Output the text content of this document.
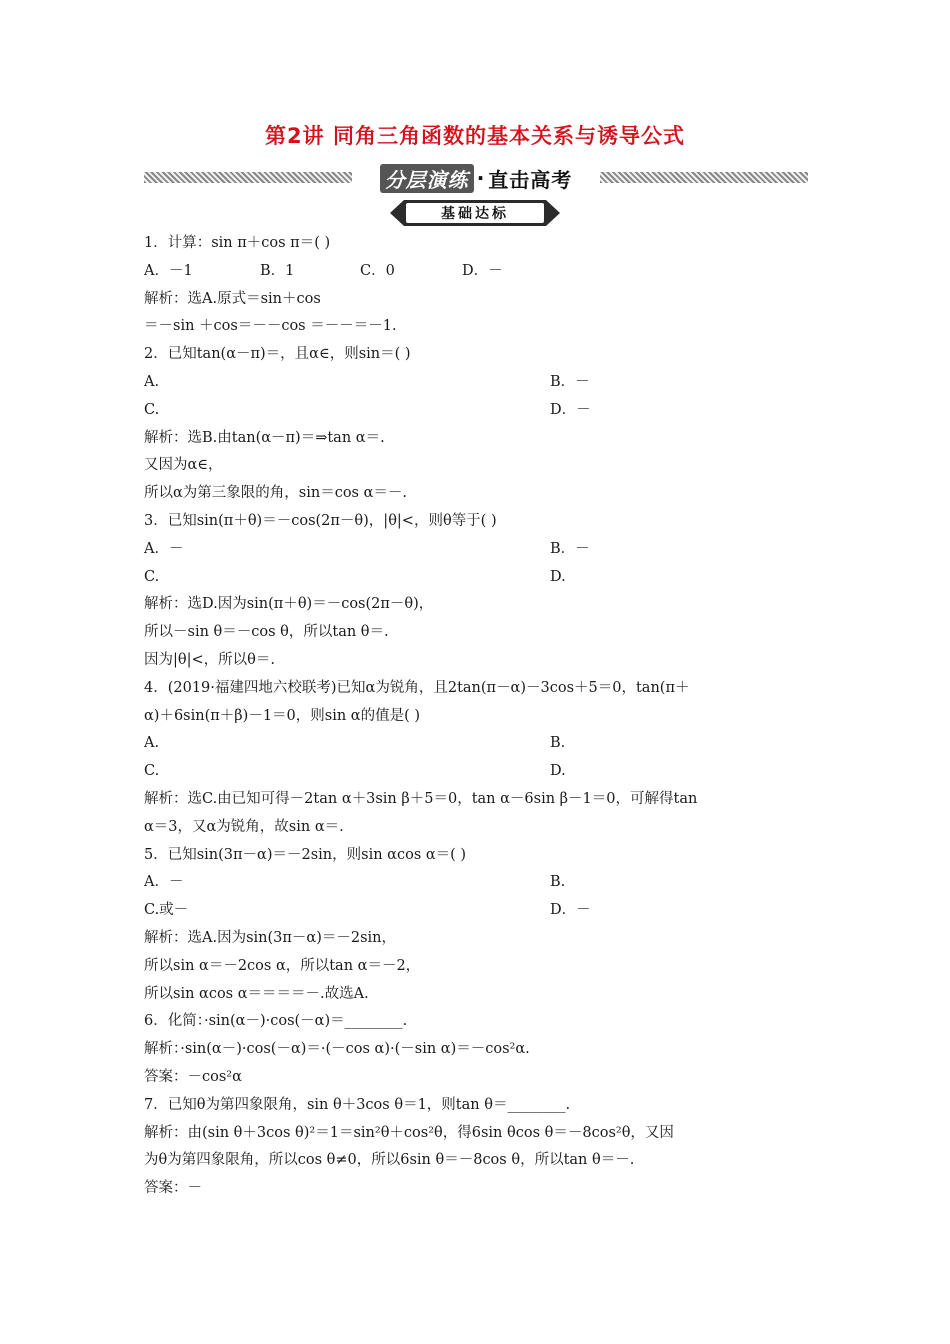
第2讲 同角三角函数的基本关系与诱导公式
分层演练 · 直击高考
基础达标
1．计算：sin π＋cos π＝( )
A．－1	B．1	C．0	D．－
解析：选A.原式＝sin＋cos
＝－sin ＋cos＝－－cos ＝－－＝－1.
2．已知tan(α－π)＝，且α∈，则sin＝( )
A.	B．－
C.	D．－
解析：选B.由tan(α－π)＝⇒tan α＝.
又因为α∈，
所以α为第三象限的角，sin＝cos α＝－.
3．已知sin(π＋θ)＝－cos(2π－θ)，|θ|<，则θ等于( )
A．－	B．－
C.	D.
解析：选D.因为sin(π＋θ)＝－cos(2π－θ)，
所以－sin θ＝－cos θ，所以tan θ＝.
因为|θ|<，所以θ＝.
4．(2019·福建四地六校联考)已知α为锐角，且2tan(π－α)－3cos＋5＝0，tan(π＋
α)＋6sin(π＋β)－1＝0，则sin α的值是( )
A.	B.
C.	D.
解析：选C.由已知可得－2tan α＋3sin β＋5＝0，tan α－6sin β－1＝0，可解得tan
α＝3，又α为锐角，故sin α＝.
5．已知sin(3π－α)＝－2sin，则sin αcos α＝( )
A．－	B.
C.或－	D．－
解析：选A.因为sin(3π－α)＝－2sin，
所以sin α＝－2cos α，所以tan α＝－2，
所以sin αcos α＝＝＝＝－.故选A.
6．化简：·sin(α－)·cos(－α)＝________.
解析：·sin(α－)·cos(－α)＝·(－cos α)·(－sin α)＝－cos²α.
答案：－cos²α
7．已知θ为第四象限角，sin θ＋3cos θ＝1，则tan θ＝________.
解析：由(sin θ＋3cos θ)²＝1＝sin²θ＋cos²θ，得6sin θcos θ＝－8cos²θ，又因
为θ为第四象限角，所以cos θ≠0，所以6sin θ＝－8cos θ，所以tan θ＝－.
答案：－
